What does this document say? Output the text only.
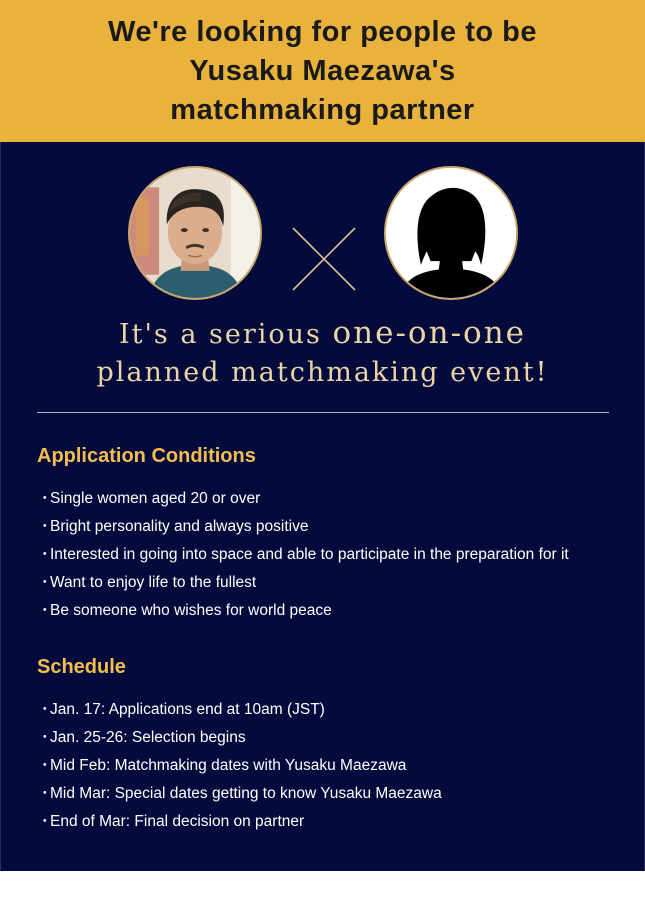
We're looking for people to be
Yusaku Maezawa's
matchmaking partner
It's a serious one-on-one
planned matchmaking event!
Application Conditions
・Single women aged 20 or over
・Bright personality and always positive
・Interested in going into space and able to participate in the preparation for it
・Want to enjoy life to the fullest
・Be someone who wishes for world peace
Schedule
・Jan. 17: Applications end at 10am (JST)
・Jan. 25-26: Selection begins
・Mid Feb: Matchmaking dates with Yusaku Maezawa
・Mid Mar: Special dates getting to know Yusaku Maezawa
・End of Mar: Final decision on partner
